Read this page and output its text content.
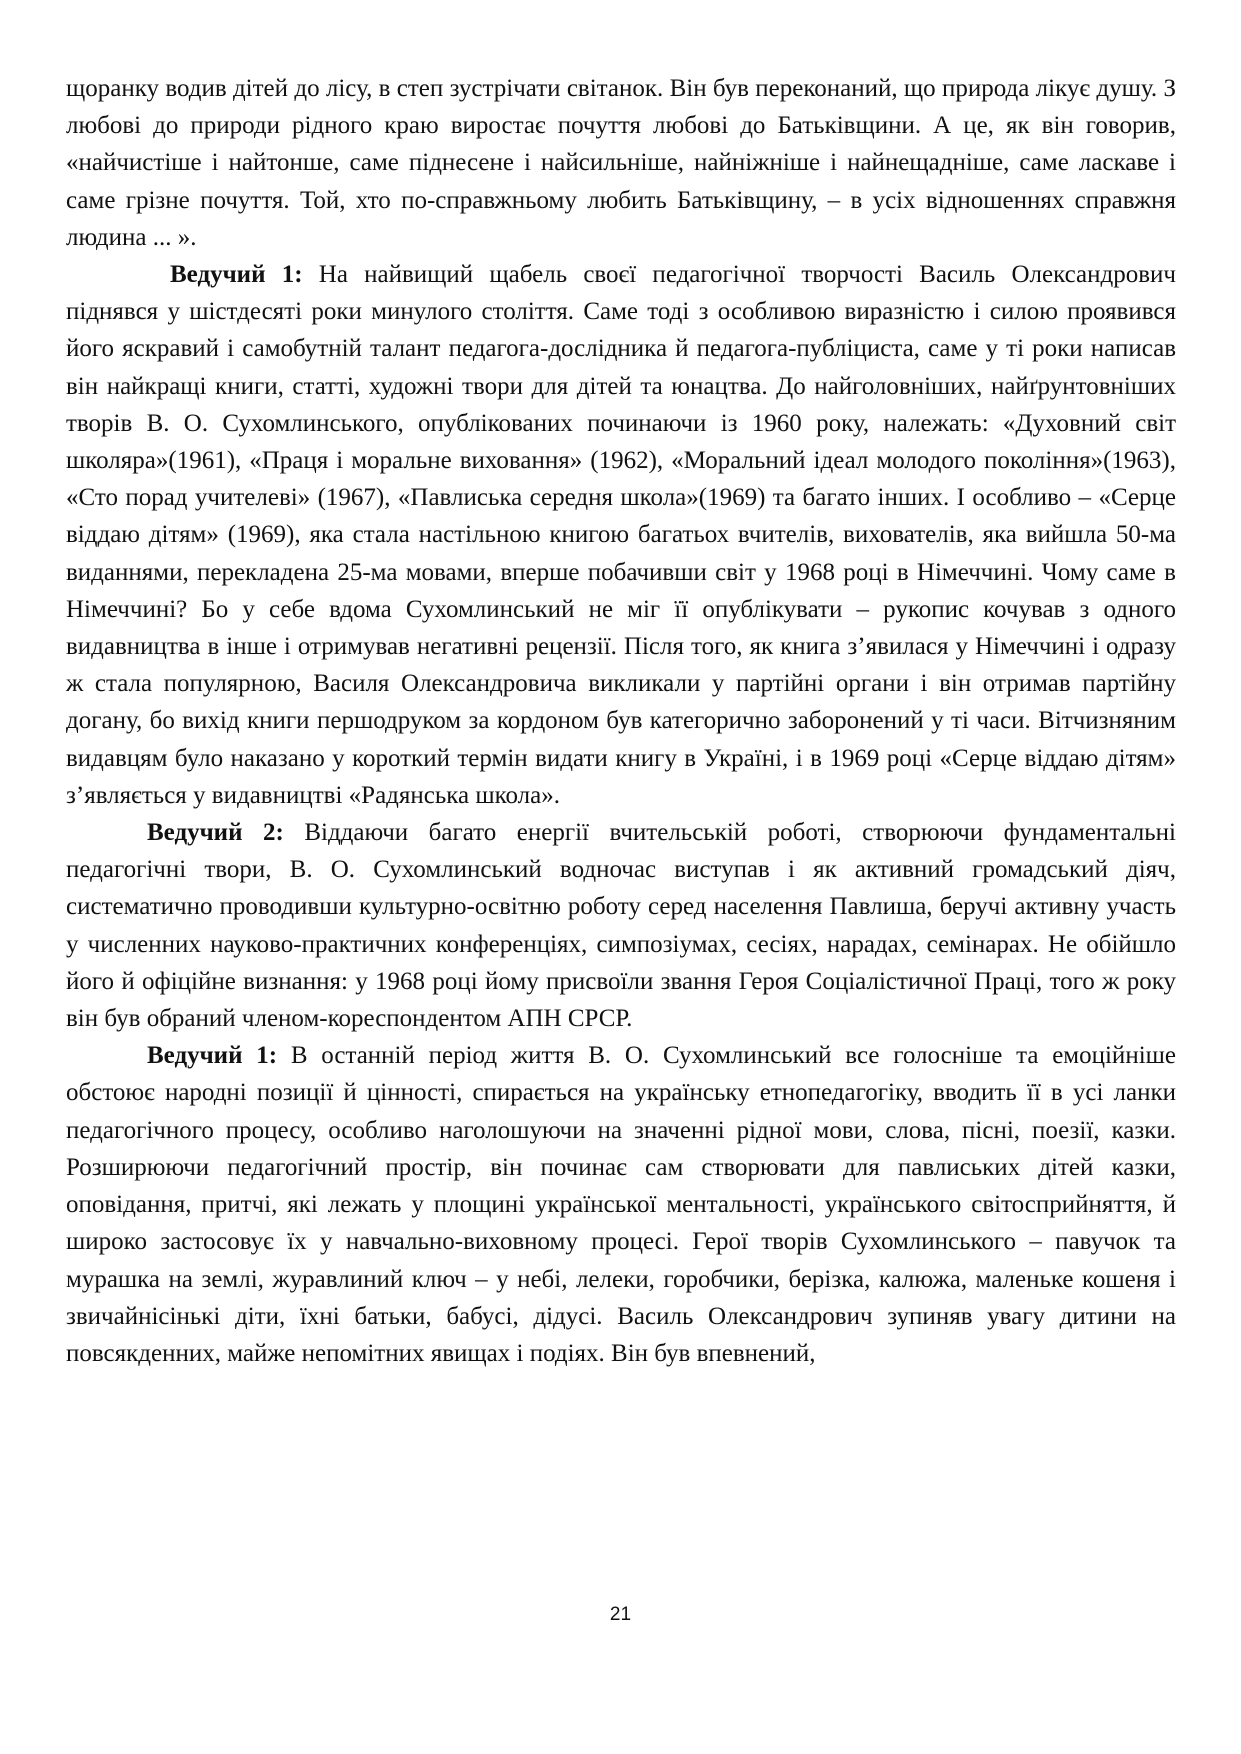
щоранку водив дітей до лісу, в степ зустрічати світанок. Він був переконаний, що природа лікує душу. З любові до природи рідного краю виростає почуття любові до Батьківщини. А це, як він говорив, «найчистіше і найтонше, саме піднесене і найсильніше, найніжніше і найнещадніше, саме ласкаве і саме грізне почуття. Той, хто по-справжньому любить Батьківщину, – в усіх відношеннях справжня людина ... ».

Ведучий 1: На найвищий щабель своєї педагогічної творчості Василь Олександрович піднявся у шістдесяті роки минулого століття. Саме тоді з особливою виразністю і силою проявився його яскравий і самобутній талант педагога-дослідника й педагога-публіциста, саме у ті роки написав він найкращі книги, статті, художні твори для дітей та юнацтва. До найголовніших, найґрунтовніших творів В. О. Сухомлинського, опублікованих починаючи із 1960 року, належать: «Духовний світ школяра»(1961), «Праця і моральне виховання» (1962), «Моральний ідеал молодого покоління»(1963), «Сто порад учителеві» (1967), «Павлиська середня школа»(1969) та багато інших. І особливо – «Серце віддаю дітям» (1969), яка стала настільною книгою багатьох вчителів, вихователів, яка вийшла 50-ма виданнями, перекладена 25-ма мовами, вперше побачивши світ у 1968 році в Німеччині. Чому саме в Німеччині? Бо у себе вдома Сухомлинський не міг її опублікувати – рукопис кочував з одного видавництва в інше і отримував негативні рецензії. Після того, як книга з’явилася у Німеччині і одразу ж стала популярною, Василя Олександровича викликали у партійні органи і він отримав партійну догану, бо вихід книги першодруком за кордоном був категорично заборонений у ті часи. Вітчизняним видавцям було наказано у короткий термін видати книгу в Україні, і в 1969 році «Серце віддаю дітям» з’являється у видавництві «Радянська школа».

Ведучий 2: Віддаючи багато енергії вчительській роботі, створюючи фундаментальні педагогічні твори, В. О. Сухомлинський водночас виступав і як активний громадський діяч, систематично проводивши культурно-освітню роботу серед населення Павлиша, беручі активну участь у численних науково-практичних конференціях, симпозіумах, сесіях, нарадах, семінарах. Не обійшло його й офіційне визнання: у 1968 році йому присвоїли звання Героя Соціалістичної Праці, того ж року він був обраний членом-кореспондентом АПН СРСР.

Ведучий 1: В останній період життя В. О. Сухомлинський все голосніше та емоційніше обстоює народні позиції й цінності, спирається на українську етнопедагогіку, вводить її в усі ланки педагогічного процесу, особливо наголошуючи на значенні рідної мови, слова, пісні, поезії, казки. Розширюючи педагогічний простір, він починає сам створювати для павлиських дітей казки, оповідання, притчі, які лежать у площині української ментальності, українського світосприйняття, й широко застосовує їх у навчально-виховному процесі. Герої творів Сухомлинського – павучок та мурашка на землі, журавлиний ключ – у небі, лелеки, горобчики, берізка, калюжа, маленьке кошеня і звичайнісінькі діти, їхні батьки, бабусі, дідусі. Василь Олександрович зупиняв увагу дитини на повсякденних, майже непомітних явищах і подіях. Він був впевнений,

21
